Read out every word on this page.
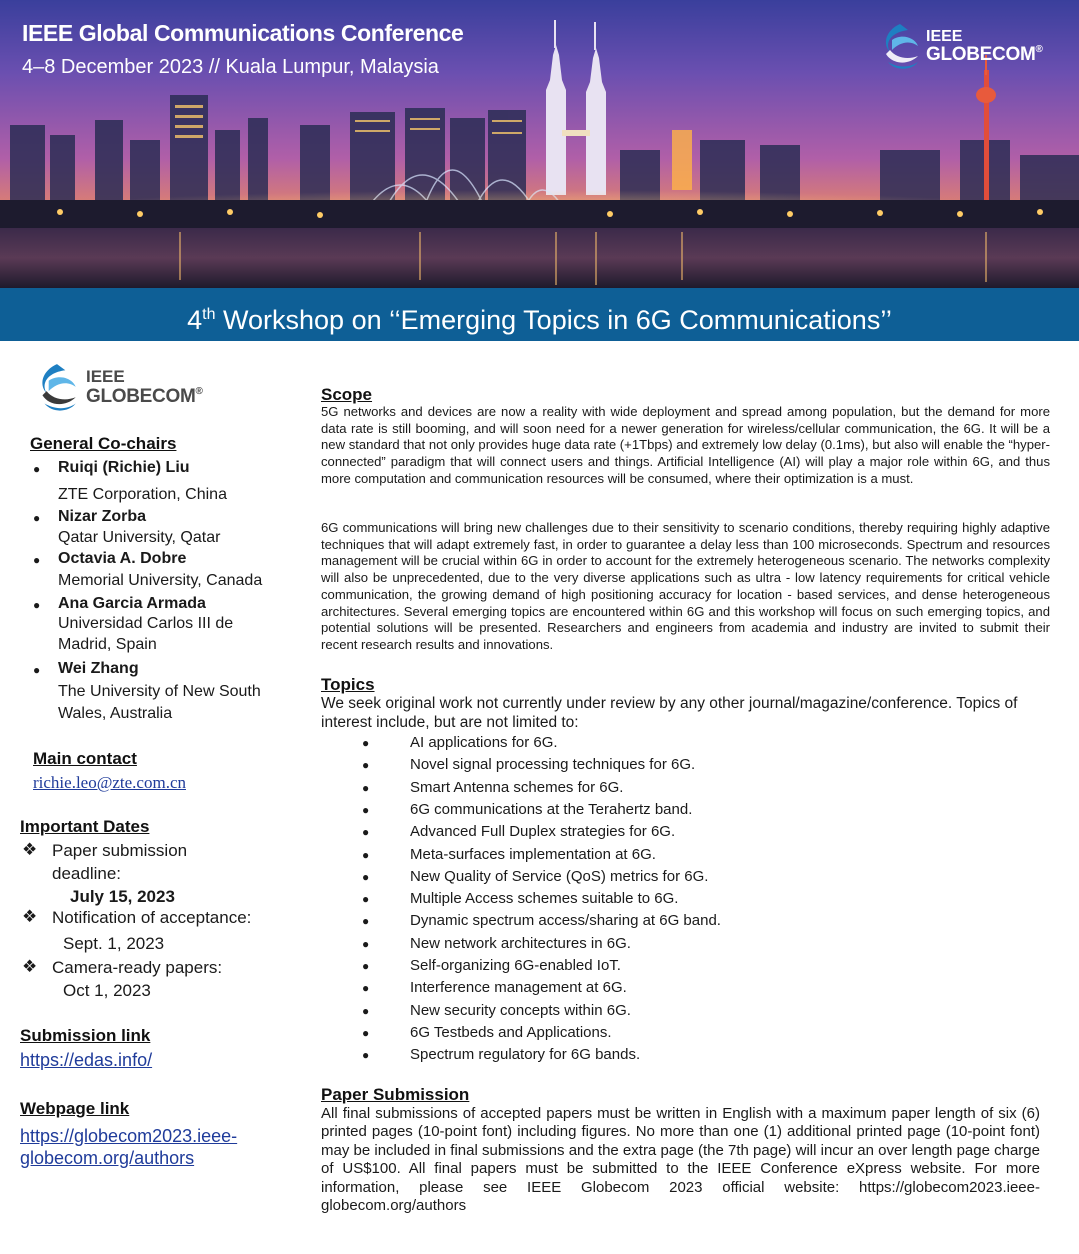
IEEE Global Communications Conference
4–8 December 2023 // Kuala Lumpur, Malaysia
IEEE
GLOBECOM®
4th Workshop on ‘‘Emerging Topics in 6G Communications’’
IEEE
GLOBECOM®
General Co-chairs
● Ruiqi (Richie) Liu
ZTE Corporation, China
● Nizar Zorba
Qatar University, Qatar
● Octavia A. Dobre
Memorial University, Canada
● Ana Garcia Armada
Universidad Carlos III de
Madrid, Spain
● Wei Zhang
The University of New South
Wales, Australia
Main contact
richie.leo@zte.com.cn
Important Dates
❖ Paper submission
deadline:
July 15, 2023
❖ Notification of acceptance:
Sept. 1, 2023
❖ Camera-ready papers:
Oct 1, 2023
Submission link
https://edas.info/
Webpage link
https://globecom2023.ieee-
globecom.org/authors
Scope

5G networks and devices are now a reality with wide deployment and spread among population, but the demand for more data rate is still booming, and will soon need for a newer generation for wireless/cellular communication, the 6G. It will be a new standard that not only provides huge data rate (+1Tbps) and extremely low delay (0.1ms), but also will enable the “hyper-connected” paradigm that will connect users and things. Artificial Intelligence (AI) will play a major role within 6G, and thus more computation and communication resources will be consumed, where their optimization is a must.

6G communications will bring new challenges due to their sensitivity to scenario conditions, thereby requiring highly adaptive techniques that will adapt extremely fast, in order to guarantee a delay less than 100 microseconds. Spectrum and resources management will be crucial within 6G in order to account for the extremely heterogeneous scenario. The networks complexity will also be unprecedented, due to the very diverse applications such as ultra - low latency requirements for critical vehicle communication, the growing demand of high positioning accuracy for location - based services, and dense heterogeneous architectures. Several emerging topics are encountered within 6G and this workshop will focus on such emerging topics, and potential solutions will be presented. Researchers and engineers from academia and industry are invited to submit their recent research results and innovations.

Topics

We seek original work not currently under review by any other journal/magazine/conference. Topics of interest include, but are not limited to:

●	AI applications for 6G.
●	Novel signal processing techniques for 6G.
●	Smart Antenna schemes for 6G.
●	6G communications at the Terahertz band.
●	Advanced Full Duplex strategies for 6G.
●	Meta-surfaces implementation at 6G.
●	New Quality of Service (QoS) metrics for 6G.
●	Multiple Access schemes suitable to 6G.
●	Dynamic spectrum access/sharing at 6G band.
●	New network architectures in 6G.
●	Self-organizing 6G-enabled IoT.
●	Interference management at 6G.
●	New security concepts within 6G.
●	6G Testbeds and Applications.
●	Spectrum regulatory for 6G bands.
Paper Submission

All final submissions of accepted papers must be written in English with a maximum paper length of six (6) printed pages (10-point font) including figures. No more than one (1) additional printed page (10-point font) may be included in final submissions and the extra page (the 7th page) will incur an over length page charge of US$100. All final papers must be submitted to the IEEE Conference eXpress website. For more information, please see IEEE Globecom 2023 official website: https://globecom2023.ieee-globecom.org/authors
